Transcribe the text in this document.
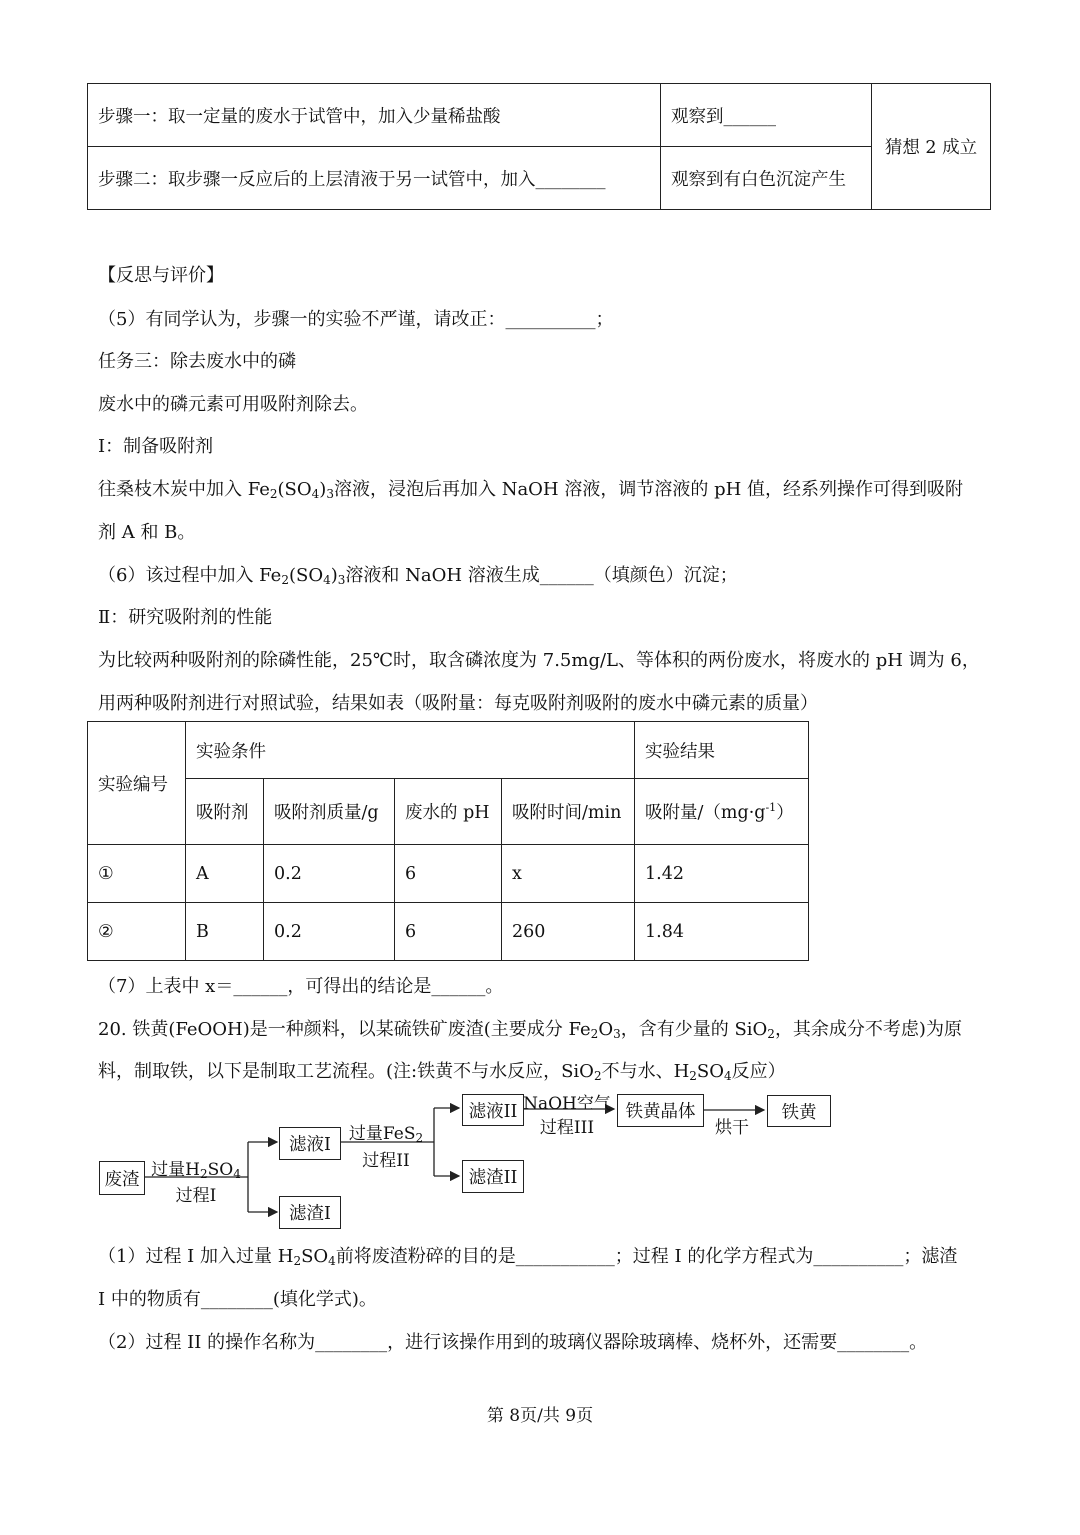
步骤一：取一定量的废水于试管中，加入少量稀盐酸	观察到______	猜想 2 成立
步骤二：取步骤一反应后的上层清液于另一试管中，加入________	观察到有白色沉淀产生	
【反思与评价】
（5）有同学认为，步骤一的实验不严谨，请改正：__________；
任务三：除去废水中的磷
废水中的磷元素可用吸附剂除去。
I：制备吸附剂
往桑枝木炭中加入 $Fe_2(SO_4)_3$溶液，浸泡后再加入 NaOH 溶液，调节溶液的 pH 值，经系列操作可得到吸附
剂 A 和 B。
（6）该过程中加入 $Fe_2(SO_4)_3$溶液和 NaOH 溶液生成______（填颜色）沉淀；
Ⅱ：研究吸附剂的性能
为比较两种吸附剂的除磷性能，25℃时，取含磷浓度为 7.5mg/L、等体积的两份废水，将废水的 pH 调为 6，
用两种吸附剂进行对照试验，结果如表（吸附量：每克吸附剂吸附的废水中磷元素的质量）
实验编号	实验条件				实验结果
	吸附剂	吸附剂质量/g	废水的 pH	吸附时间/min	吸附量$/(mg\cdot g^{-1})$
①	A	0.2	6	x	1.42
②	B	0.2	6	260	1.84
（7）上表中 x＝______，可得出的结论是______。
20. 铁黄(FeOOH)是一种颜料，以某硫铁矿废渣(主要成分 $Fe_2O_3$，含有少量的 SiO$_2$，其余成分不考虑)为原
料，制取铁，以下是制取工艺流程。(注:铁黄不与水反应，SiO$_2$不与水、$H_2SO_4$反应）
废渣 过量$H_2SO_4$
过程I
滤液I
滤渣I
过量FeS$_2$
过程II
滤液II
滤渣II
NaOH空气
过程III
铁黄晶体
烘干
铁黄
（1）过程 I 加入过量 $H_2SO_4$前将废渣粉碎的目的是___________；过程 I 的化学方程式为__________；滤渣
I 中的物质有________(填化学式)。
（2）过程 II 的操作名称为________，进行该操作用到的玻璃仪器除玻璃棒、烧杯外，还需要________。
第 8页/共 9页
